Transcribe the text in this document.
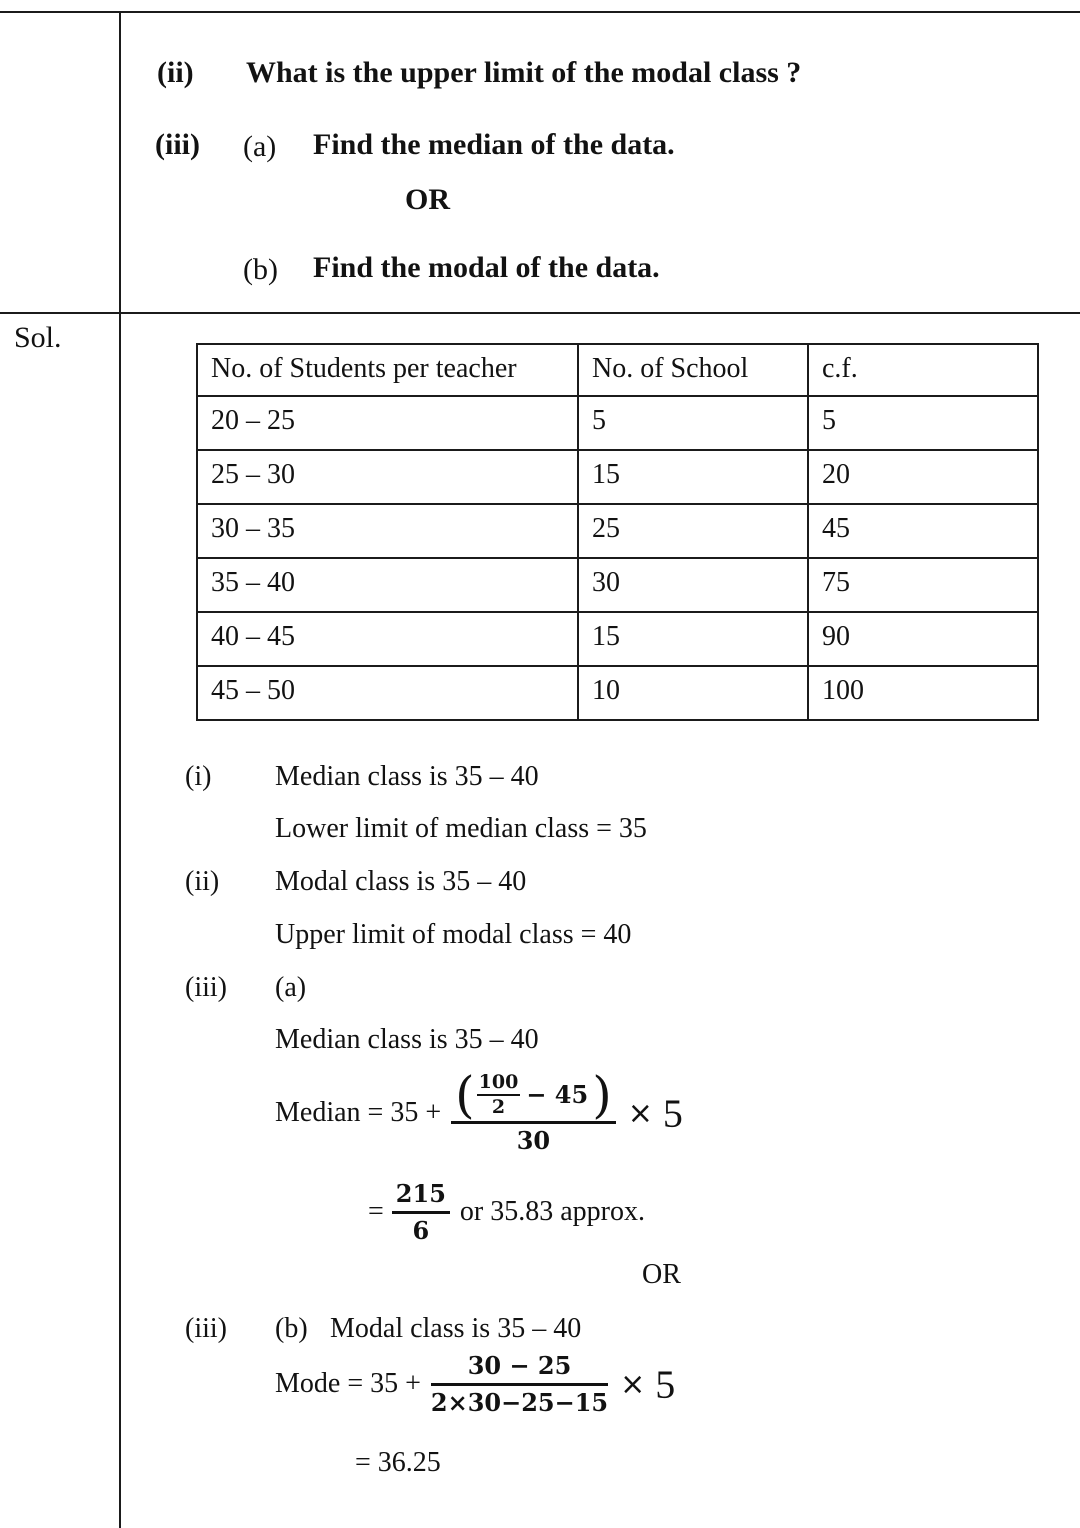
(ii) What is the upper limit of the modal class ?
(iii) (a) Find the median of the data.
OR
(b) Find the modal of the data.
Sol.
No. of Students per teacher	No. of School	c.f.
20 – 25	5	5
25 – 30	15	20
30 – 35	25	45
35 – 40	30	75
40 – 45	15	90
45 – 50	10	100
(i) Median class is 35 – 40
Lower limit of median class = 35
(ii) Modal class is 35 – 40
Upper limit of modal class = 40
(iii) (a)
Median class is 35 – 40
Median = 35 + ( $\frac{100}{2} - 45$ )
30
× 5
= $\frac{215}{6}$ or 35.83 approx.
OR
(iii) (b) Modal class is 35 – 40
Mode = $35 + \frac{30 - 25}{2\times 30-25-15} \times 5$
= 36.25
